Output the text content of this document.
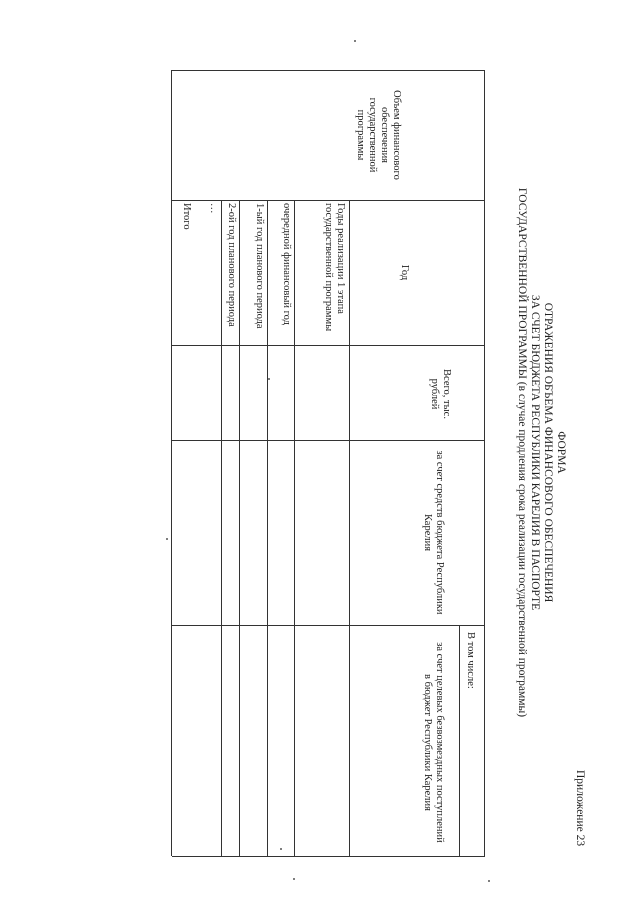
Приложение 23
ФОРМА
ОТРАЖЕНИЯ ОБЪЕМА ФИНАНСОВОГО ОБЕСПЕЧЕНИЯ
ЗА СЧЕТ БЮДЖЕТА РЕСПУБЛИКИ КАРЕЛИЯ В ПАСПОРТЕ
ГОСУДАРСТВЕННОЙ ПРОГРАММЫ (в случае продления срока реализации государственной программы)
Объем финансового обеспечения государственной программы
Год
Всего, тыс. рублей
В том числе:
за счет средств бюджета Республики Карелия
за счет целевых безвозмездных поступлений в бюджет Республики Карелия
Годы реализации 1 этапа государственной программы
очередной финансовый год
1-ый год планового периода
2-ой год планового периода
…
Итого
